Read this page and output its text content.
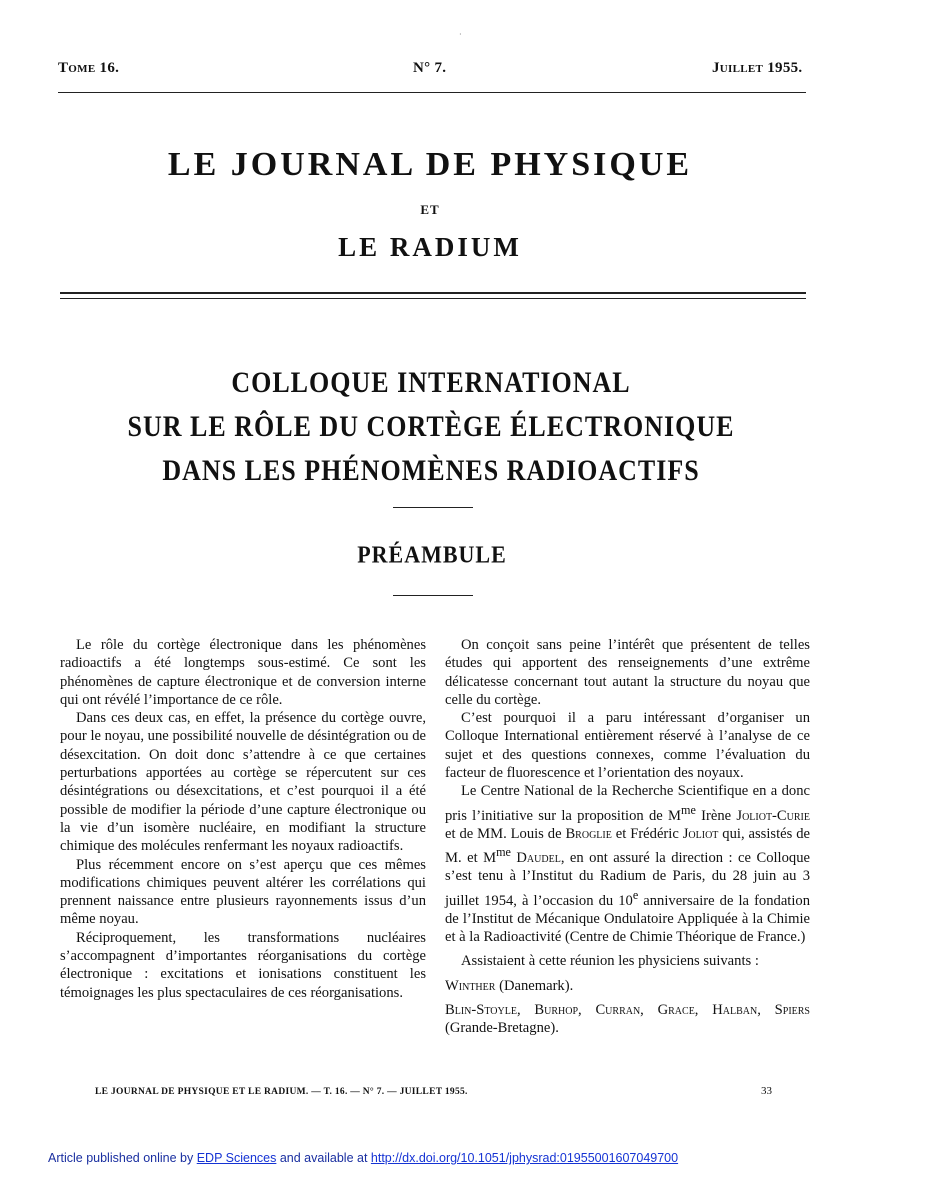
·
Tome 16.	N° 7.	Juillet 1955.
LE JOURNAL DE PHYSIQUE
ET
LE RADIUM
COLLOQUE INTERNATIONAL
SUR LE RÔLE DU CORTÈGE ÉLECTRONIQUE
DANS LES PHÉNOMÈNES RADIOACTIFS
PRÉAMBULE

Le rôle du cortège électronique dans les phénomènes radioactifs a été longtemps sous-estimé. Ce sont les phénomènes de capture électronique et de conversion interne qui ont révélé l’importance de ce rôle.

Dans ces deux cas, en effet, la présence du cortège ouvre, pour le noyau, une possibilité nouvelle de désintégration ou de désexcitation. On doit donc s’attendre à ce que certaines perturbations apportées au cortège se répercutent sur ces désintégrations ou désexcitations, et c’est pourquoi il a été possible de modifier la période d’une capture électronique ou la vie d’un isomère nucléaire, en modifiant la structure chimique des molécules renfermant les noyaux radioactifs.

Plus récemment encore on s’est aperçu que ces mêmes modifications chimiques peuvent altérer les corrélations qui prennent naissance entre plusieurs rayonnements issus d’un même noyau.

Réciproquement, les transformations nucléaires s’accompagnent d’importantes réorganisations du cortège électronique : excitations et ionisations constituent les témoignages les plus spectaculaires de ces réorganisations.

On conçoit sans peine l’intérêt que présentent de telles études qui apportent des renseignements d’une extrême délicatesse concernant tout autant la structure du noyau que celle du cortège.

C’est pourquoi il a paru intéressant d’organiser un Colloque International entièrement réservé à l’analyse de ce sujet et des questions connexes, comme l’évaluation du facteur de fluorescence et l’orientation des noyaux.

Le Centre National de la Recherche Scientifique en a donc pris l’initiative sur la proposition de $M^{me}$ Irène Joliot-Curie et de MM. Louis de Broglie et Frédéric Joliot qui, assistés de M. et $M^{me}$ Daudel, en ont assuré la direction : ce Colloque s’est tenu à l’Institut du Radium de Paris, du 28 juin au 3 juillet 1954, à l’occasion du 10e anniversaire de la fondation de l’Institut de Mécanique Ondulatoire Appliquée à la Chimie et à la Radioactivité (Centre de Chimie Théorique de France.)

Assistaient à cette réunion les physiciens suivants :

Winther (Danemark).

Blin-Stoyle, Burhop, Curran, Grace, Halban, Spiers (Grande-Bretagne).

LE JOURNAL DE PHYSIQUE ET LE RADIUM. — T. 16. — N° 7. — JUILLET 1955.	33
Article published online by EDP Sciences and available at http://dx.doi.org/10.1051/jphysrad:01955001607049700
